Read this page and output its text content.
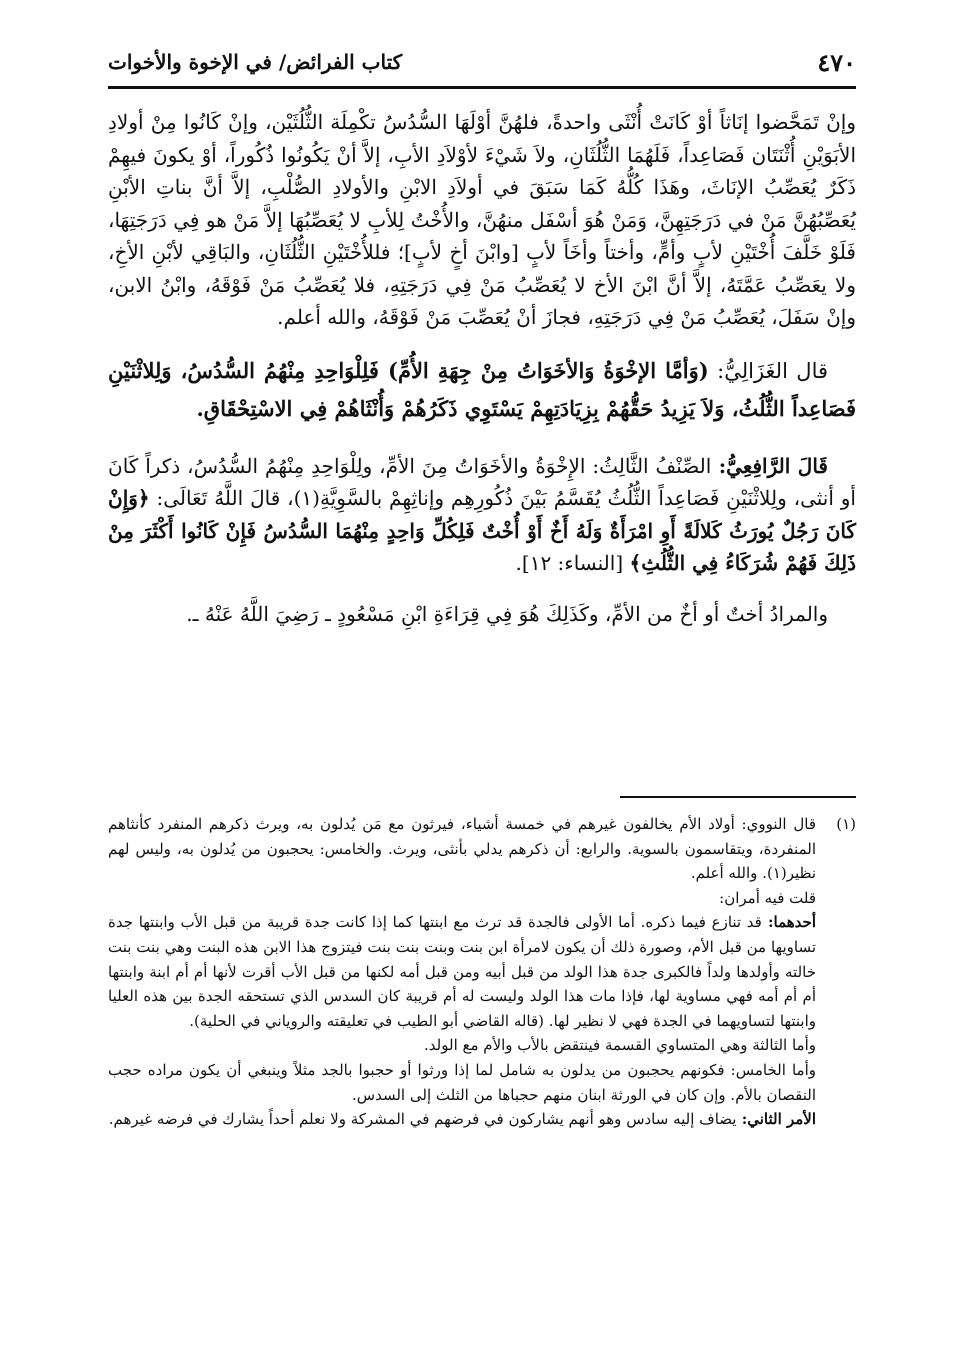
٤٧٠
كتاب الفرائض/ في الإخوة والأخوات

وإنْ تَمَحَّضوا إنَاثاً أوْ كَانَتْ أُنْثَى واحدةً، فلهُنَّ أوْلَهَا السُّدُسُ تكْمِلَة الثُّلُثَيْن، وإنْ كَانُوا مِنْ أولادِ الأبَوَيْنِ أُثْنَتَان فَصَاعِداً، فَلَهُمَا الثُّلُثَانِ، ولاَ شَيْءَ لأوْلاَدِ الأبِ، إلاَّ أنْ يَكُونُوا ذُكُوراً، أوْ يكونَ فيهِمْ ذَكَرٌ يُعَصِّبُ الإنَاثَ، وهَذَا كُلُّهُ كَمَا سَبَقَ في أولاَدِ الابْنِ والأولادِ الصُّلْبِ، إلاَّ أنَّ بناتِ الأبْنِ يُعَصِّبُهُنَّ مَنْ في دَرَجَتِهِنَّ، وَمَنْ هُوَ أسْفَل منهُنَّ، والأُخْتُ لِلأبِ لا يُعَصِّبُهَا إلاَّ مَنْ هو فِي دَرَجَتِهَا، فَلَوْ خَلَّفَ أُخْتَيْنِ لأبٍ وأمٍّ، وأختاً وأخَاً لأبٍ [وابْنَ أخٍ لأبٍ]؛ فللأُخْتَيْنِ الثُّلُثَانِ، والبَاقِي لأبْنِ الأخِ، ولا يعَصِّبُ عَمَّتَهُ، إلاَّ أنَّ ابْنَ الأخ لا يُعَصِّبُ مَنْ فِي دَرَجَتِهِ، فلا يُعَصِّبُ مَنْ فَوْقَهُ، وابْنُ الابن، وإنْ سَفَلَ، يُعَصِّبُ مَنْ فِي دَرَجَتِهِ، فجازَ أنْ يُعَصِّبَ مَنْ فَوْقَهُ، والله أعلم.

قال الغَزَالِيُّ: (وَأمَّا الإخْوَةُ وَالأخَوَاتُ مِنْ جِهَةِ الأُمِّ) فَلِلْوَاحِدِ مِنْهُمُ السُّدُسُ، وَلِلاثْنَيْنِ فَصَاعِداً الثُّلُثُ، وَلاَ يَزِيدُ حَقُّهُمْ بِزِيَادَتِهِمْ يَسْتَوِي ذَكَرُهُمْ وَأُنْثَاهُمْ فِي الاسْتِحْقَاقِ.

قَالَ الرَّافِعِيُّ: الصِّنْفُ الثَّالِثُ: الإِخْوَةُ والأخَوَاتُ مِنَ الأمِّ، ولِلْوَاحِدِ مِنْهُمُ السُّدُسُ، ذكراً كَانَ أو أنثى، ولِلاثْنَيْنِ فَصَاعِداً الثُّلُثُ يُقَسَّمُ بَيْنَ ذُكُورِهِم وإناثِهِمْ بالسَّوِيَّةِ(١)، قالَ اللَّهُ تَعَالَى: ﴿وَإِنْ كَانَ رَجُلٌ يُورَثُ كَلالَةً أَوِ امْرَأَةٌ وَلَهُ أَخٌ أَوْ أُخْتٌ فَلِكُلِّ وَاحِدٍ مِنْهُمَا السُّدُسُ فَإِنْ كَانُوا أَكْثَرَ مِنْ ذَلِكَ فَهُمْ شُرَكَاءُ فِي الثُّلُثِ﴾ [النساء: ١٢].

والمرادُ أختٌ أو أخٌ من الأمِّ، وكَذَلِكَ هُوَ فِي قِرَاءَةِ ابْنِ مَسْعُودٍ ـ رَضِيَ اللَّهُ عَنْهُ ـ.

(١)
قال النووي: أولاد الأم يخالفون غيرهم في خمسة أشياء، فيرثون مع مَن يُدلون به، ويرث ذكرهم المنفرد كأنثاهم المنفردة، ويتقاسمون بالسوية. والرابع: أن ذكرهم يدلي بأنثى، ويرث. والخامس: يحجبون من يُدلون به، وليس لهم نظير(١). والله أعلم.

قلت فيه أمران:

أحدهما: قد تنازع فيما ذكره. أما الأولى فالجدة قد ترث مع ابنتها كما إذا كانت جدة قريبة من قبل الأب وابنتها جدة تساويها من قبل الأم، وصورة ذلك أن يكون لامرأة ابن بنت وبنت بنت بنت فيتزوج هذا الابن هذه البنت وهي بنت بنت خالته وأولدها ولداً فالكبرى جدة هذا الولد من قبل أبيه ومن قبل أمه لكنها من قبل الأب أقرت لأنها أم أم ابنة وابنتها أم أم أمه فهي مساوية لها، فإذا مات هذا الولد وليست له أم قريبة كان السدس الذي تستحقه الجدة بين هذه العليا وابنتها لتساويهما في الجدة فهي لا نظير لها. (قاله القاضي أبو الطيب في تعليقته والروياني في الحلية).

وأما الثالثة وهي المتساوي القسمة فينتقض بالأب والأم مع الولد.

وأما الخامس: فكونهم يحجبون من يدلون به شامل لما إذا ورثوا أو حجبوا بالجد مثلاً وينبغي أن يكون مراده حجب النقصان بالأم. وإن كان في الورثة ابنان منهم حجباها من الثلث إلى السدس.

الأمر الثاني: يضاف إليه سادس وهو أنهم يشاركون في فرضهم في المشركة ولا نعلم أحداً يشارك في فرضه غيرهم.
